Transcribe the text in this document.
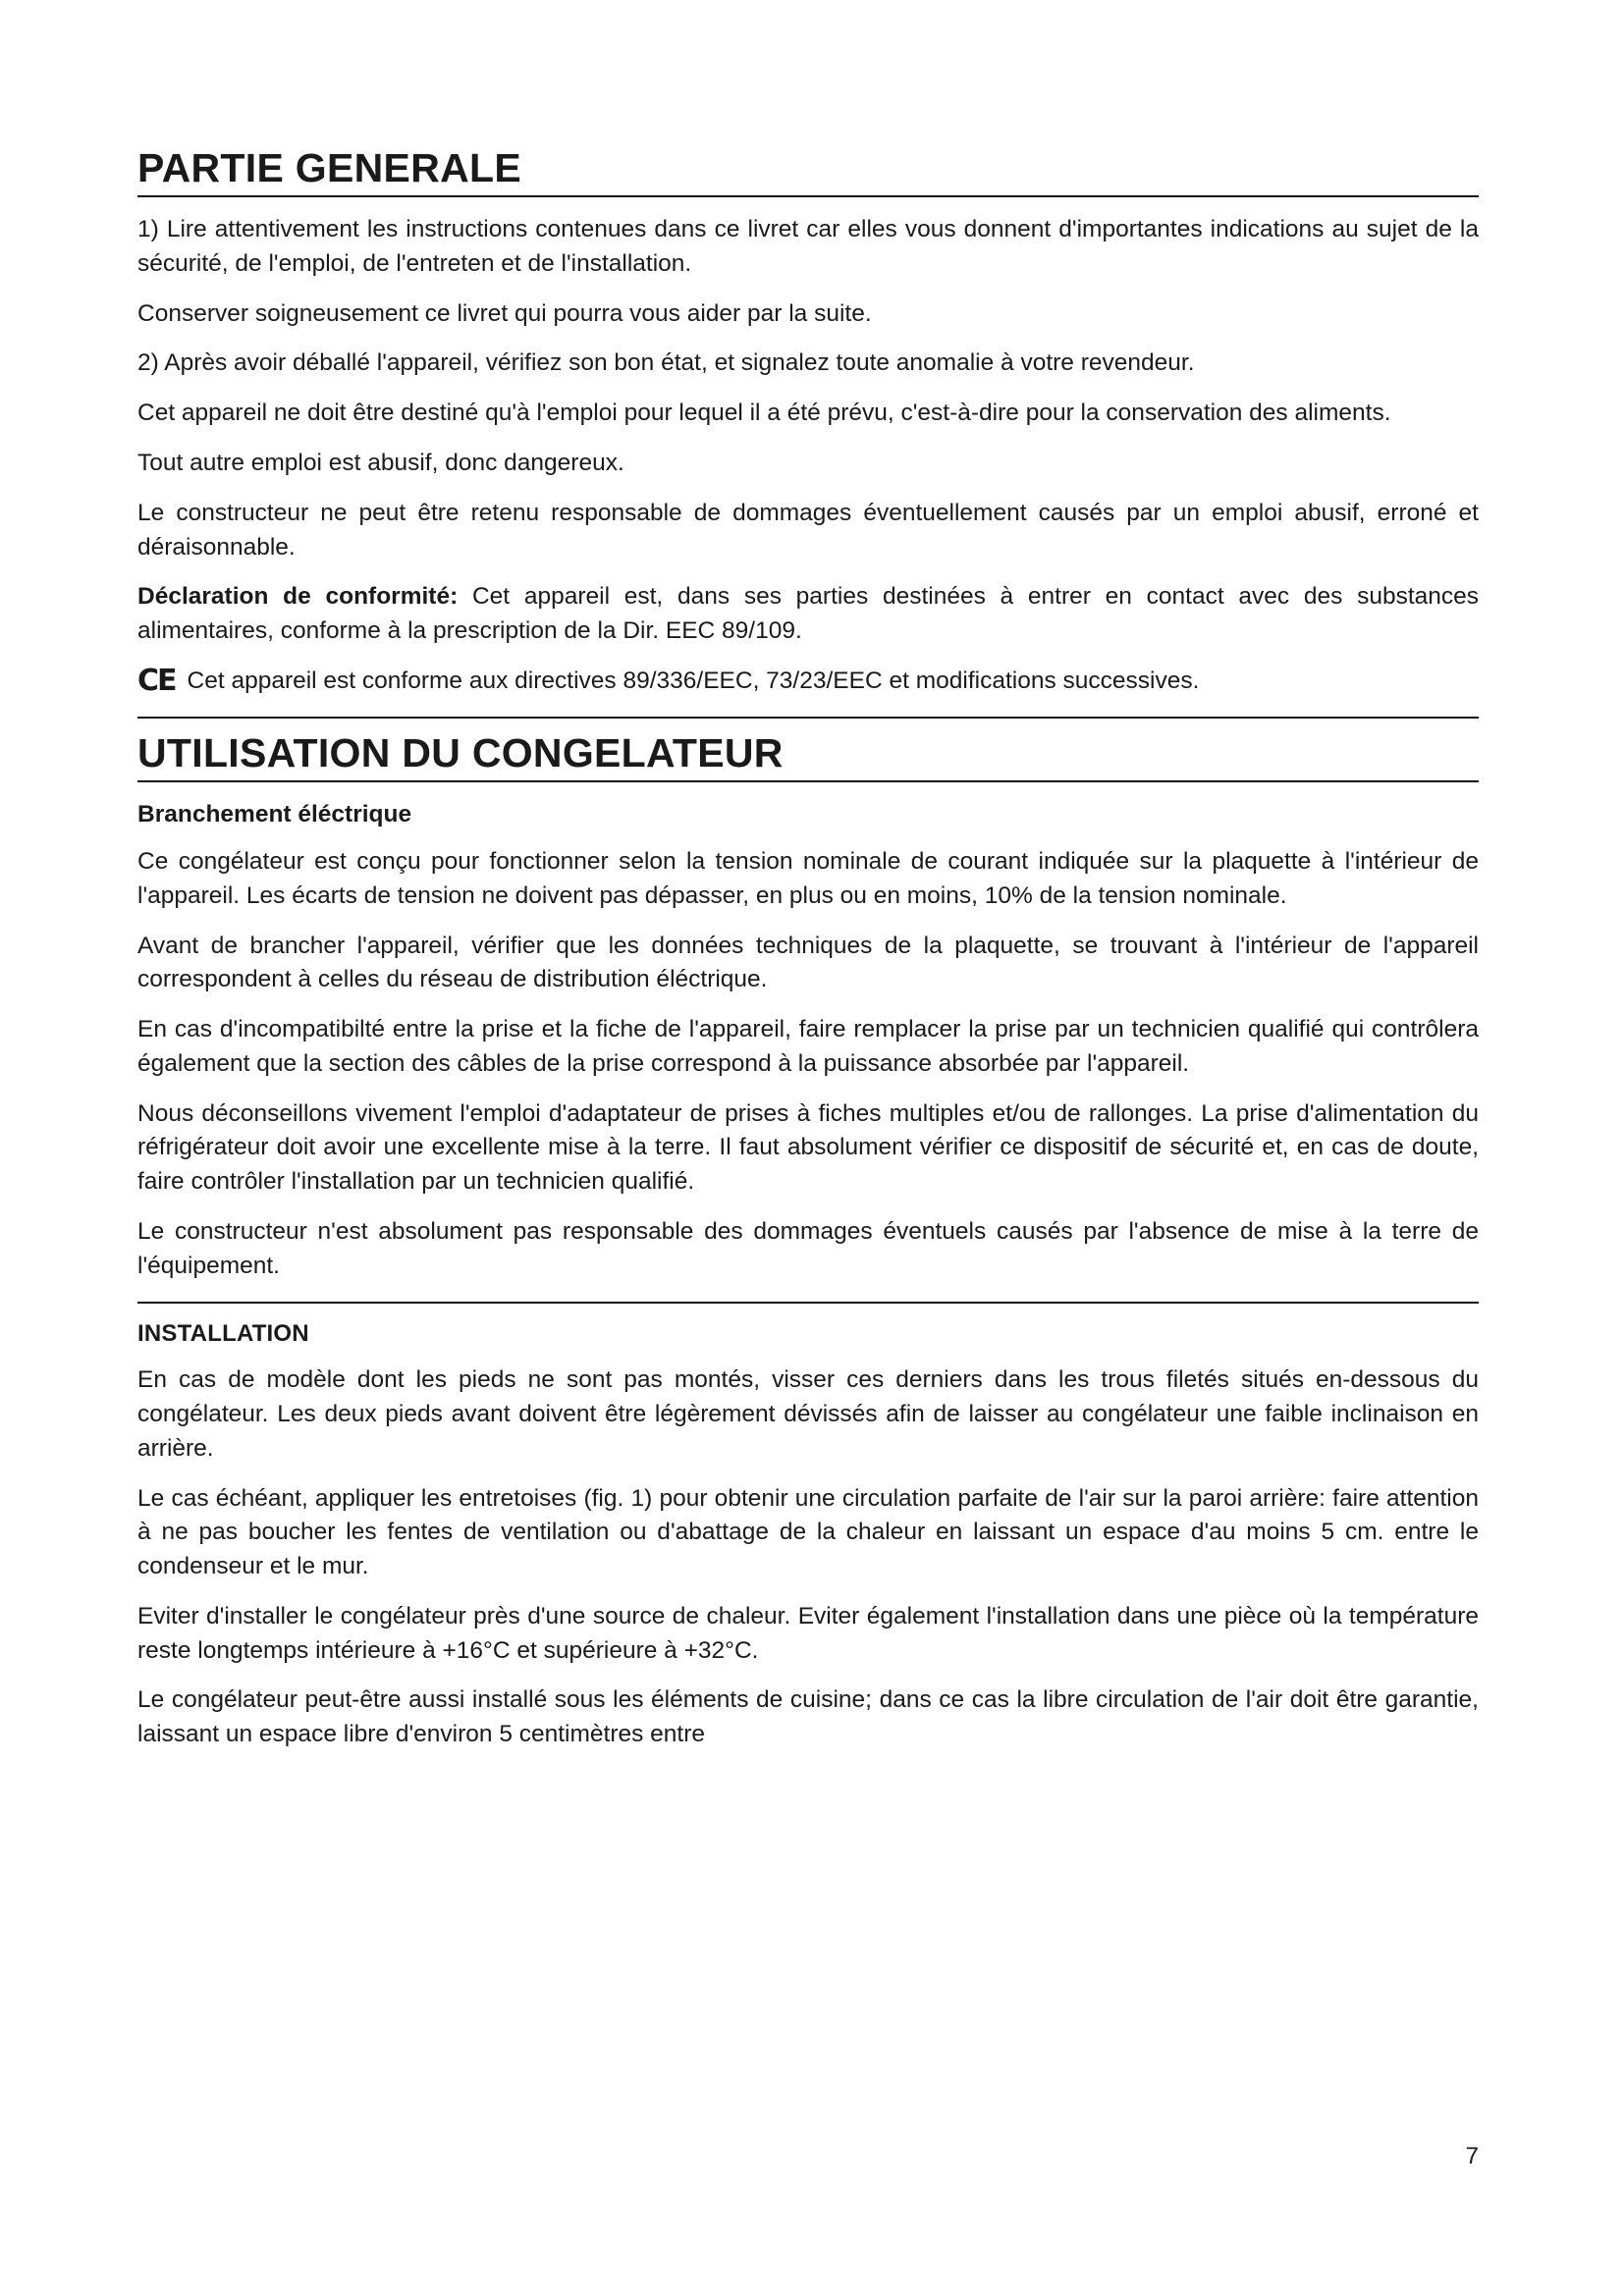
PARTIE GENERALE

1) Lire attentivement les instructions contenues dans ce livret car elles vous donnent d'importantes indications au sujet de la sécurité, de l'emploi, de l'entreten et de l'installation.

Conserver soigneusement ce livret qui pourra vous aider par la suite.

2) Après avoir déballé l'appareil, vérifiez son bon état, et signalez toute anomalie à votre revendeur.

Cet appareil ne doit être destiné qu'à l'emploi pour lequel il a été prévu, c'est-à-dire pour la conservation des aliments.

Tout autre emploi est abusif, donc dangereux.

Le constructeur ne peut être retenu responsable de dommages éventuellement causés par un emploi abusif, erroné et déraisonnable.

Déclaration de conformité: Cet appareil est, dans ses parties destinées à entrer en contact avec des substances alimentaires, conforme à la prescription de la Dir. EEC 89/109.

CE Cet appareil est conforme aux directives 89/336/EEC, 73/23/EEC et modifications successives.

UTILISATION DU CONGELATEUR
Branchement éléctrique

Ce congélateur est conçu pour fonctionner selon la tension nominale de courant indiquée sur la plaquette à l'intérieur de l'appareil. Les écarts de tension ne doivent pas dépasser, en plus ou en moins, 10% de la tension nominale.

Avant de brancher l'appareil, vérifier que les données techniques de la plaquette, se trouvant à l'intérieur de l'appareil correspondent à celles du réseau de distribution éléctrique.

En cas d'incompatibilté entre la prise et la fiche de l'appareil, faire remplacer la prise par un technicien qualifié qui contrôlera également que la section des câbles de la prise correspond à la puissance absorbée par l'appareil.

Nous déconseillons vivement l'emploi d'adaptateur de prises à fiches multiples et/ou de rallonges. La prise d'alimentation du réfrigérateur doit avoir une excellente mise à la terre. Il faut absolument vérifier ce dispositif de sécurité et, en cas de doute, faire contrôler l'installation par un technicien qualifié.

Le constructeur n'est absolument pas responsable des dommages éventuels causés par l'absence de mise à la terre de l'équipement.

INSTALLATION

En cas de modèle dont les pieds ne sont pas montés, visser ces derniers dans les trous filetés situés en-dessous du congélateur. Les deux pieds avant doivent être légèrement dévissés afin de laisser au congélateur une faible inclinaison en arrière.

Le cas échéant, appliquer les entretoises (fig. 1) pour obtenir une circulation parfaite de l'air sur la paroi arrière: faire attention à ne pas boucher les fentes de ventilation ou d'abattage de la chaleur en laissant un espace d'au moins 5 cm. entre le condenseur et le mur.

Eviter d'installer le congélateur près d'une source de chaleur. Eviter également l'installation dans une pièce où la température reste longtemps intérieure à +16°C et supérieure à +32°C.

Le congélateur peut-être aussi installé sous les éléments de cuisine; dans ce cas la libre circulation de l'air doit être garantie, laissant un espace libre d'environ 5 centimètres entre

7
